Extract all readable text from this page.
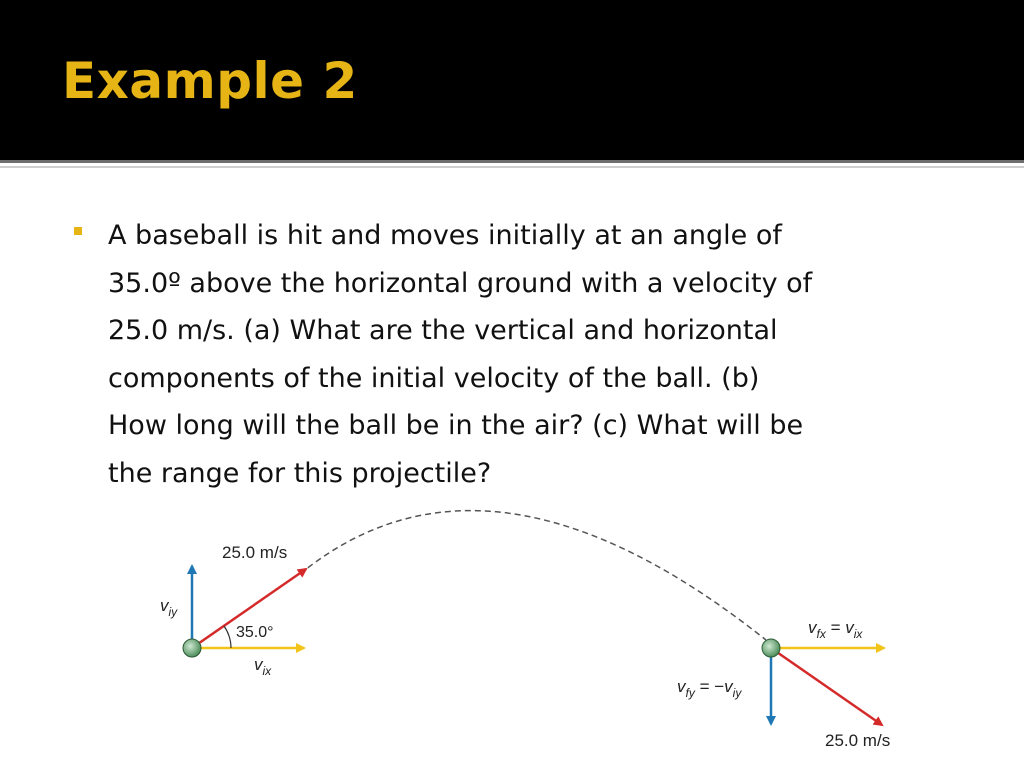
Example 2
A baseball is hit and moves initially at an angle of
35.0º above the horizontal ground with a velocity of
25.0 m/s. (a) What are the vertical and horizontal
components of the initial velocity of the ball. (b)
How long will the ball be in the air? (c) What will be
the range for this projectile?
25.0 m/s
35.0°
$v_{iy}$
$v_{ix}$
$v_{fx} = v_{ix}$
$v_{fy} = -v_{iy}$
25.0 m/s
